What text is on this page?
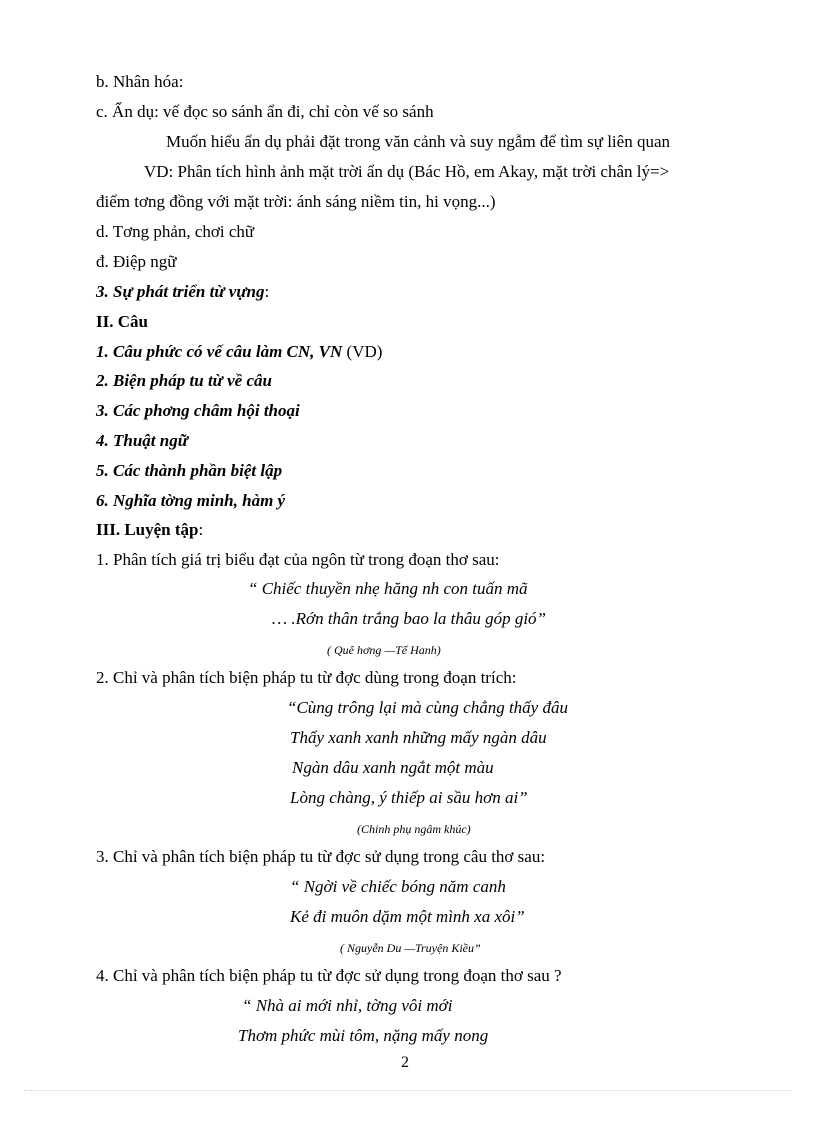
b. Nhân hóa:
c. Ẩn dụ: vế đọc so sánh ẩn đi, chỉ còn vế so sánh
Muốn hiểu ẩn dụ phải đặt trong văn cảnh và suy ngẫm để tìm sự liên quan
VD: Phân tích hình ảnh mặt trời ẩn dụ (Bác Hồ, em Akay, mặt trời chân lý=>
điểm tơng đồng với mặt trời: ánh sáng niềm tin, hi vọng...)
d. Tơng phản, chơi chữ
đ. Điệp ngữ
3. Sự phát triển từ vựng:
II. Câu
1. Câu phức có vế câu làm CN, VN (VD)
2. Biện pháp tu từ về câu
3. Các phơng châm hội thoại
4. Thuật ngữ
5. Các thành phần biệt lập
6. Nghĩa tờng minh, hàm ý
III. Luyện tập:
1. Phân tích giá trị biểu đạt của ngôn từ trong đoạn thơ sau:
“ Chiếc thuyền nhẹ hăng nh con tuấn mã
… .Rớn thân trắng bao la thâu góp gió”
( Quê hơng —Tế Hanh)
2. Chỉ và phân tích biện pháp tu từ đợc dùng trong đoạn trích:
“Cùng trông lại mà cùng chẳng thấy đâu
Thấy xanh xanh những mấy ngàn dâu
Ngàn dâu xanh ngắt một màu
Lòng chàng, ý thiếp ai sầu hơn ai”
(Chinh phụ ngâm khúc)
3. Chỉ và phân tích biện pháp tu từ đợc sử dụng trong câu thơ sau:
“ Ngời về chiếc bóng năm canh
Kẻ đi muôn dặm một mình xa xôi”
( Nguyễn Du —Truyện Kiều”
4. Chỉ và phân tích biện pháp tu từ đợc sử dụng trong đoạn thơ sau ?
“ Nhà ai mới nhỉ, tờng vôi mới
Thơm phức mùi tôm, nặng mấy nong
2
